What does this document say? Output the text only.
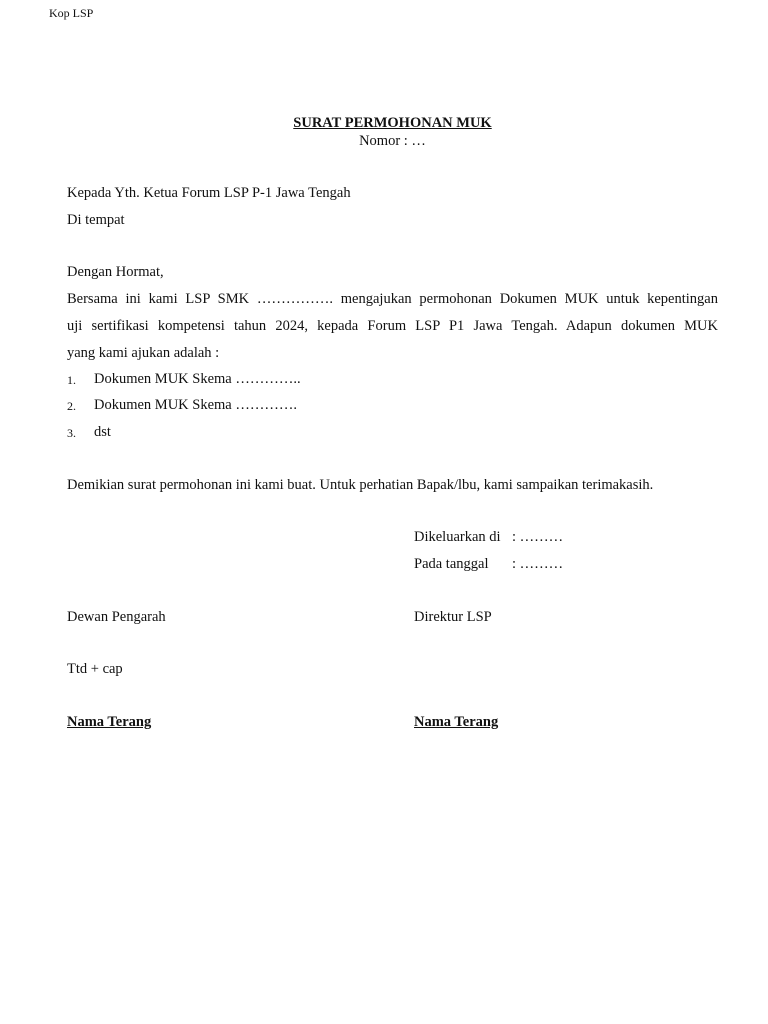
Kop LSP
SURAT PERMOHONAN MUK
Nomor : …
Kepada Yth. Ketua Forum LSP P-1 Jawa Tengah
Di tempat
Dengan Hormat,
Bersama ini kami LSP SMK ……………. mengajukan permohonan Dokumen MUK untuk kepentingan
uji sertifikasi kompetensi tahun 2024, kepada Forum LSP P1 Jawa Tengah. Adapun dokumen MUK
yang kami ajukan adalah :
1. Dokumen MUK Skema …………..
2. Dokumen MUK Skema ………….
3. dst
Demikian surat permohonan ini kami buat. Untuk perhatian Bapak/lbu, kami sampaikan terimakasih.
Dikeluarkan di : ………
Pada tanggal : ………
Dewan Pengarah	Direktur LSP
Ttd + cap
Nama Terang	Nama Terang
